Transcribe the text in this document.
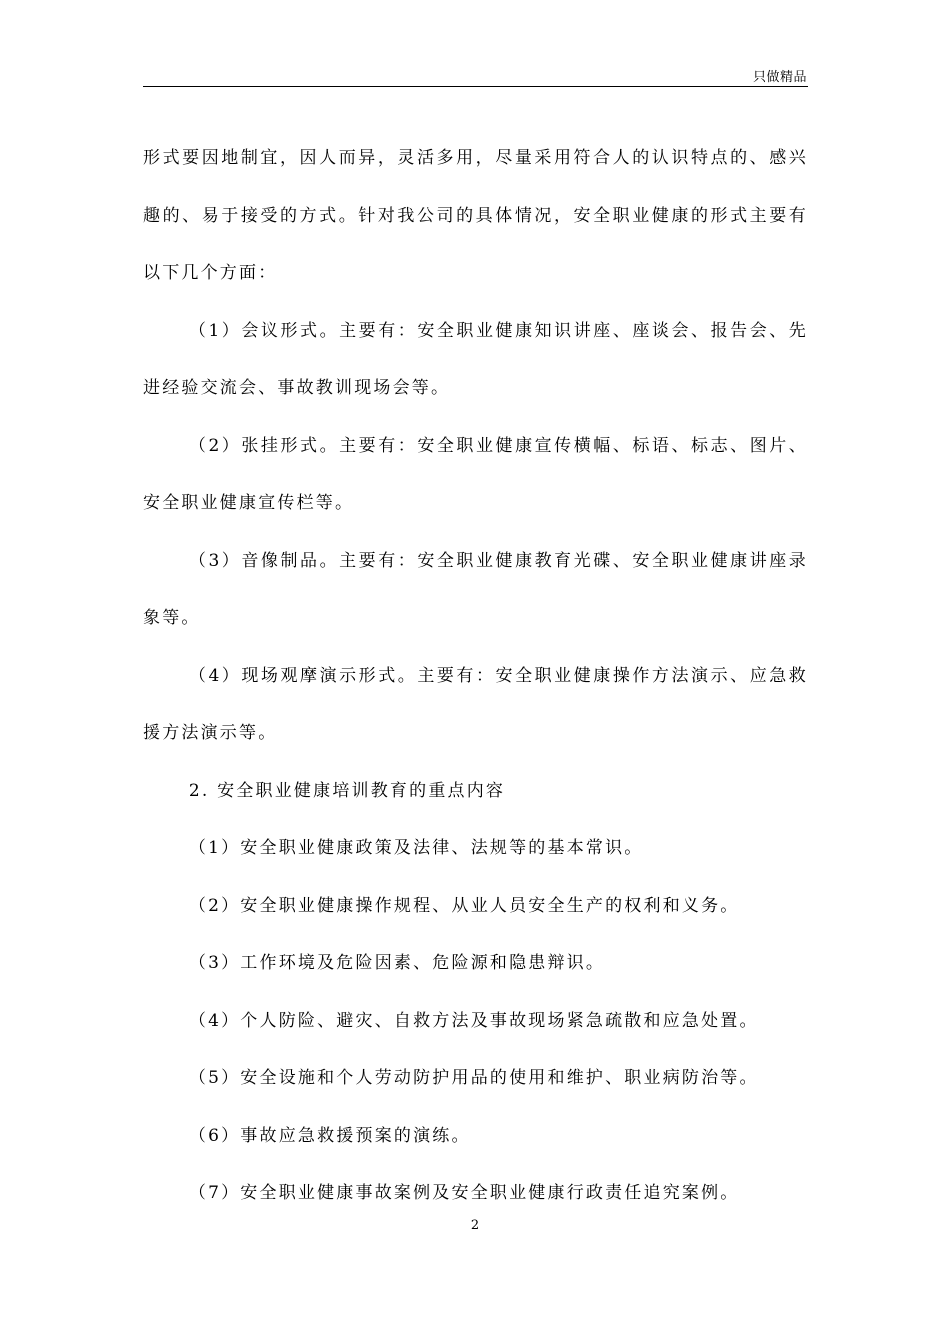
只做精品

形式要因地制宜，因人而异，灵活多用，尽量采用符合人的认识特点的、感兴趣的、易于接受的方式。针对我公司的具体情况，安全职业健康的形式主要有以下几个方面：

（1）会议形式。主要有：安全职业健康知识讲座、座谈会、报告会、先进经验交流会、事故教训现场会等。

（2）张挂形式。主要有：安全职业健康宣传横幅、标语、标志、图片、安全职业健康宣传栏等。

（3）音像制品。主要有：安全职业健康教育光碟、安全职业健康讲座录象等。

（4）现场观摩演示形式。主要有：安全职业健康操作方法演示、应急救援方法演示等。

2. 安全职业健康培训教育的重点内容

（1）安全职业健康政策及法律、法规等的基本常识。

（2）安全职业健康操作规程、从业人员安全生产的权利和义务。

（3）工作环境及危险因素、危险源和隐患辩识。

（4）个人防险、避灾、自救方法及事故现场紧急疏散和应急处置。

（5）安全设施和个人劳动防护用品的使用和维护、职业病防治等。

（6）事故应急救援预案的演练。

（7）安全职业健康事故案例及安全职业健康行政责任追究案例。

2
